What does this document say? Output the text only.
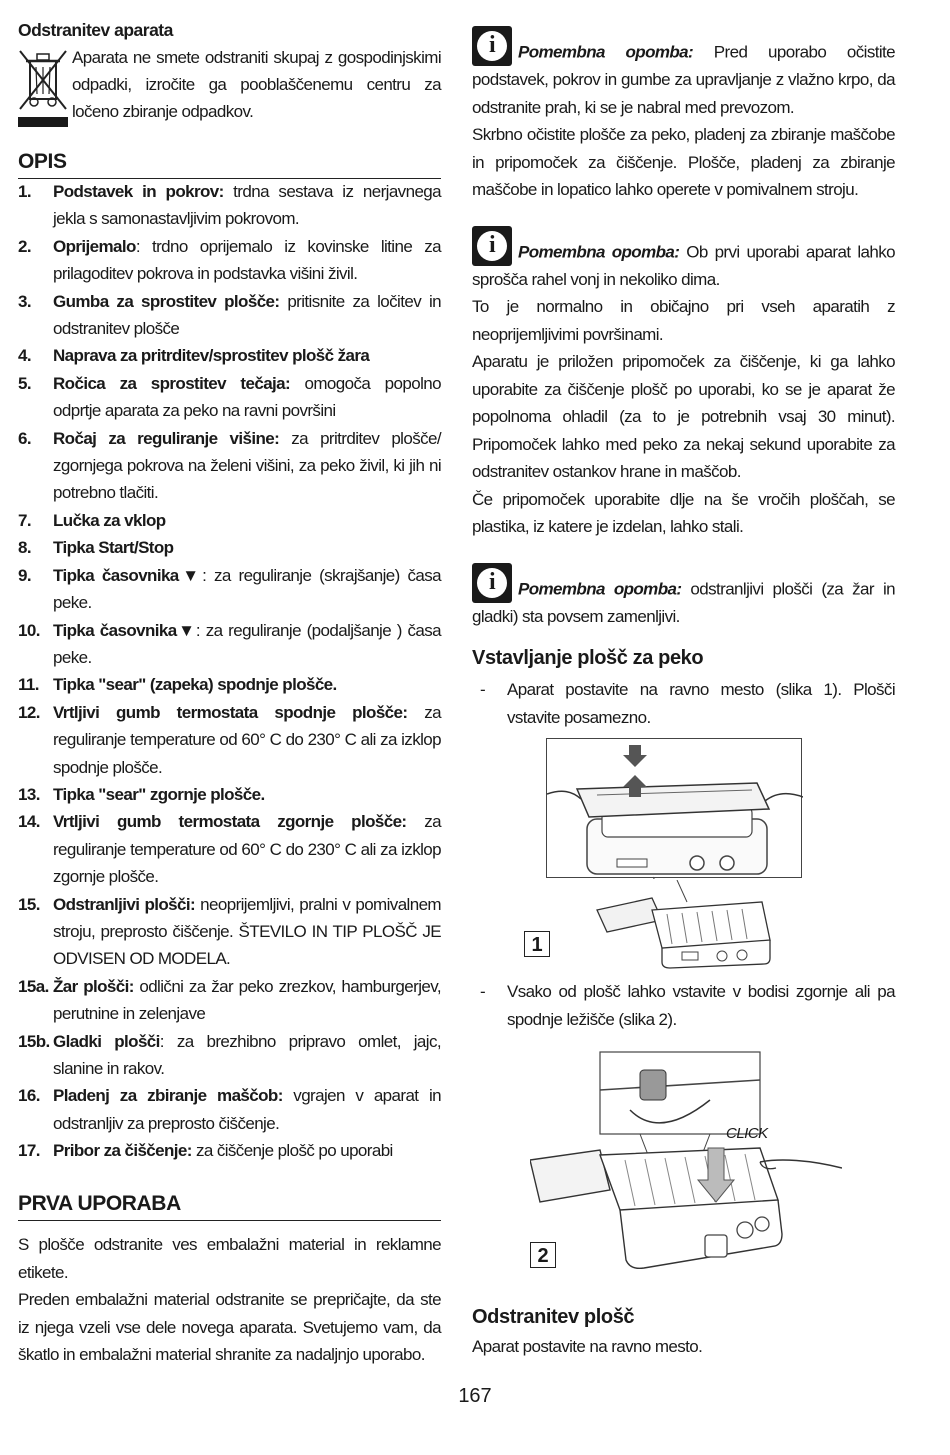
Odstranitev aparata

Aparata ne smete odstraniti skupaj z gospodinjskimi odpadki, izročite ga pooblaščenemu centru za ločeno zbiranje odpadkov.

OPIS

1. Podstavek in pokrov: trdna sestava iz nerjavnega jekla s samonastavljivim pokrovom.
2. Oprijemalo: trdno oprijemalo iz kovinske litine za prilagoditev pokrova in podstavka višini živil.
3. Gumba za sprostitev plošče: pritisnite za ločitev in odstranitev plošče
4. Naprava za pritrditev/sprostitev plošč žara
5. Ročica za sprostitev tečaja: omogoča popolno odprtje aparata za peko na ravni površini
6. Ročaj za reguliranje višine: za pritrditev plošče/ zgornjega pokrova na želeni višini, za peko živil, ki jih ni potrebno tlačiti.
7. Lučka za vklop
8. Tipka Start/Stop
9. Tipka časovnika▼: za reguliranje (skrajšanje) časa peke.
10. Tipka časovnika▼: za reguliranje (podaljšanje ) časa peke.
11. Tipka "sear" (zapeka) spodnje plošče.
12. Vrtljivi gumb termostata spodnje plošče: za reguliranje temperature od 60° C do 230° C ali za izklop spodnje plošče.
13. Tipka "sear" zgornje plošče.
14. Vrtljivi gumb termostata zgornje plošče: za reguliranje temperature od 60° C do 230° C ali za izklop zgornje plošče.
15. Odstranljivi plošči: neoprijemljivi, pralni v pomivalnem stroju, preprosto čiščenje. ŠTEVILO IN TIP PLOŠČ JE ODVISEN OD MODELA.
15a. Žar plošči: odlični za žar peko zrezkov, hamburgerjev, perutnine in zelenjave
15b. Gladki plošči: za brezhibno pripravo omlet, jajc, slanine in rakov.
16. Pladenj za zbiranje maščob: vgrajen v aparat in odstranljiv za preprosto čiščenje.
17. Pribor za čiščenje: za čiščenje plošč po uporabi

PRVA UPORABA

S plošče odstranite ves embalažni material in reklamne etikete.

Preden embalažni material odstranite se prepričajte, da ste iz njega vzeli vse dele novega aparata. Svetujemo vam, da škatlo in embalažni material shranite za nadaljnjo uporabo.

i	Pomembna opomba: Pred uporabo očistite podstavek, pokrov in gumbe za upravljanje z vlažno krpo, da odstranite prah, ki se je nabral med prevozom.

Skrbno očistite plošče za peko, pladenj za zbiranje maščobe in pripomoček za čiščenje. Plošče, pladenj za zbiranje maščobe in lopatico lahko operete v pomivalnem stroju.

i	Pomembna opomba: Ob prvi uporabi aparat lahko sprošča rahel vonj in nekoliko dima.

To je normalno in običajno pri vseh aparatih z neoprijemljivimi površinami.

Aparatu je priložen pripomoček za čiščenje, ki ga lahko uporabite za čiščenje plošč po uporabi, ko se je aparat že popolnoma ohladil (za to je potrebnih vsaj 30 minut). Pripomoček lahko med peko za nekaj sekund uporabite za odstranitev ostankov hrane in maščob.

Če pripomoček uporabite dlje na še vročih ploščah, se plastika, iz katere je izdelan, lahko stali.

i	Pomembna opomba: odstranljivi plošči (za žar in gladki) sta povsem zamenljivi.

Vstavljanje plošč za peko

- Aparat postavite na ravno mesto (slika 1). Plošči vstavite posamezno.

1

- Vsako od plošč lahko vstavite v bodisi zgornje ali pa spodnje ležišče (slika 2).

CLICK
2

Odstranitev plošč

Aparat postavite na ravno mesto.

167
